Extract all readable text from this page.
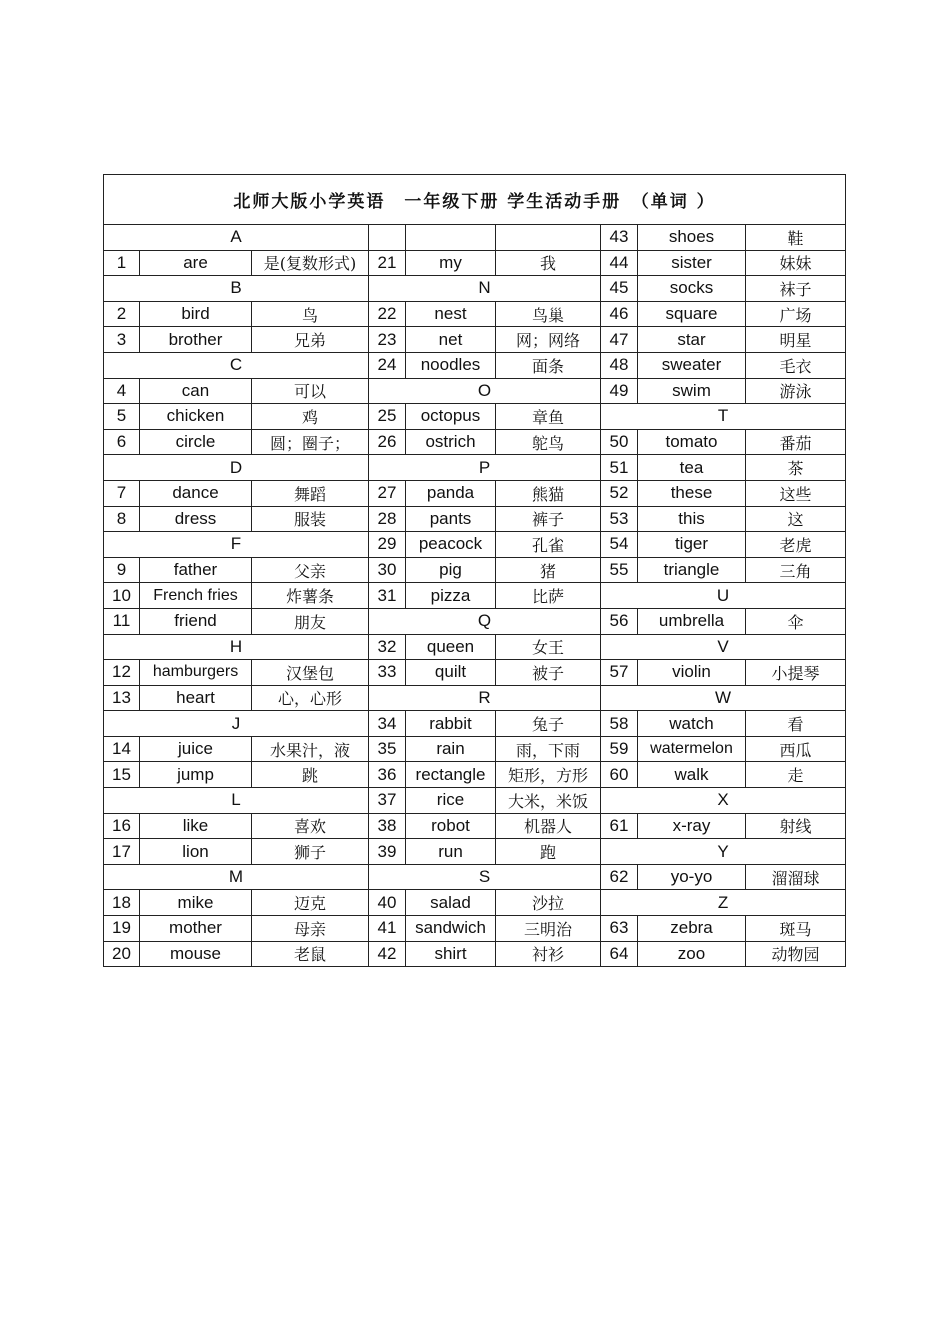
北师大版小学英语　一年级下册 学生活动手册　（单词 ）								
A						43	shoes	鞋
1	are	是(复数形式)	21	my	我	44	sister	妹妹
B			N			45	socks	袜子
2	bird	鸟	22	nest	鸟巢	46	square	广场
3	brother	兄弟	23	net	网；网络	47	star	明星
C			24	noodles	面条	48	sweater	毛衣
4	can	可以	O			49	swim	游泳
5	chicken	鸡	25	octopus	章鱼	T		
6	circle	圆；圈子；	26	ostrich	鸵鸟	50	tomato	番茄
D			P			51	tea	茶
7	dance	舞蹈	27	panda	熊猫	52	these	这些
8	dress	服装	28	pants	裤子	53	this	这
F			29	peacock	孔雀	54	tiger	老虎
9	father	父亲	30	pig	猪	55	triangle	三角
10	French fries	炸薯条	31	pizza	比萨	U		
11	friend	朋友	Q			56	umbrella	伞
H			32	queen	女王	V		
12	hamburgers	汉堡包	33	quilt	被子	57	violin	小提琴
13	heart	心，心形	R			W		
J			34	rabbit	兔子	58	watch	看
14	juice	水果汁，液	35	rain	雨，下雨	59	watermelon	西瓜
15	jump	跳	36	rectangle	矩形，方形	60	walk	走
L			37	rice	大米，米饭	X		
16	like	喜欢	38	robot	机器人	61	x-ray	射线
17	lion	狮子	39	run	跑	Y		
M			S			62	yo-yo	溜溜球
18	mike	迈克	40	salad	沙拉	Z		
19	mother	母亲	41	sandwich	三明治	63	zebra	斑马
20	mouse	老鼠	42	shirt	衬衫	64	zoo	动物园
